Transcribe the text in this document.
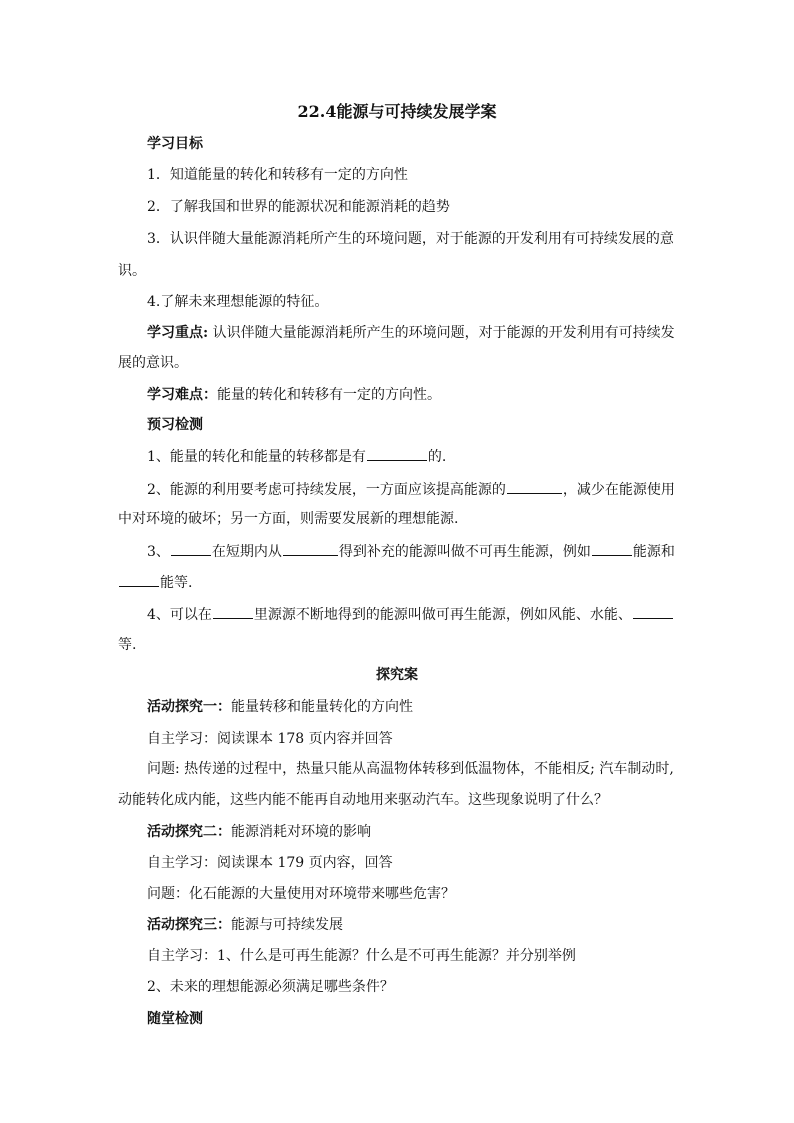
22.4能源与可持续发展学案
学习目标
1．知道能量的转化和转移有一定的方向性
2．了解我国和世界的能源状况和能源消耗的趋势
3．认识伴随大量能源消耗所产生的环境问题，对于能源的开发利用有可持续发展的意
识。
4.了解未来理想能源的特征。
学习重点: 认识伴随大量能源消耗所产生的环境问题，对于能源的开发利用有可持续发
展的意识。
学习难点：能量的转化和转移有一定的方向性。
预习检测
1、能量的转化和能量的转移都是有	的.
2、能源的利用要考虑可持续发展，一方面应该提高能源的	，减少在能源使用
中对环境的破坏；另一方面，则需要发展新的理想能源.
3、	在短期内从	得到补充的能源叫做不可再生能源，例如	能源和
能等.
4、可以在	里源源不断地得到的能源叫做可再生能源，例如风能、水能、
等.
探究案
活动探究一：能量转移和能量转化的方向性
自主学习：阅读课本 178 页内容并回答
问题: 热传递的过程中，热量只能从高温物体转移到低温物体，不能相反; 汽车制动时,
动能转化成内能，这些内能不能再自动地用来驱动汽车。这些现象说明了什么？
活动探究二：能源消耗对环境的影响
自主学习：阅读课本 179 页内容，回答
问题：化石能源的大量使用对环境带来哪些危害？
活动探究三：能源与可持续发展
自主学习：1、什么是可再生能源？什么是不可再生能源？并分别举例
2、未来的理想能源必须满足哪些条件？
随堂检测
